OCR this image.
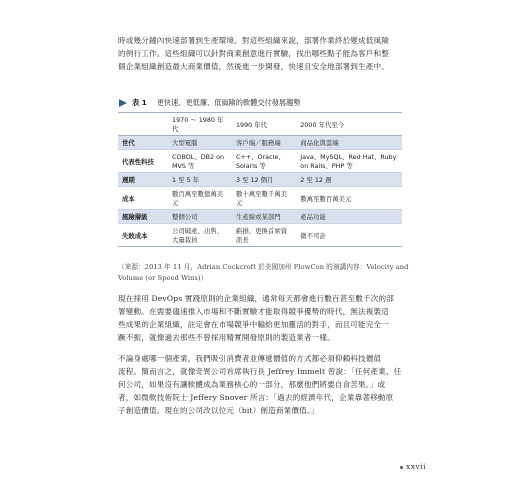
時或幾分鐘內快速部署到生產環境。對這些組織來說，部署作業終於變成低風險
的例行工作。這些組織可以針對商業創意進行實驗，找出哪些點子能為客戶和整
個企業組織創造最大商業價值，然後進一步開發，快速且安全地部署到生產中。
表 1 更快速、更低廉、低風險的軟體交付發展趨勢
	1970 ～ 1980 年代	1990 年代	2000 年代至今
世代	大型電腦	客戶端／服務端	商品化與雲端
代表性科技	COBOL、DB2 on MVS 等	C++、Oracle、Solaris 等	Java、MySQL、Red Hat、Ruby on Rails、PHP 等
週期	1 至 5 年	3 至 12 個月	2 至 12 週
成本	數百萬至數億萬美元	數十萬至數千萬美元	數萬至數百萬美元
風險層級	整個公司	生產線或某部門	產品功能
失敗成本	公司破產、出售、大量裁員	虧損、更換首席資訊長	微不可計
（來源：2013 年 11 月，Adrian Cockcroft 於美國加州 FlowCon 的演講內容：Velocity and
Volume (or Speed Wins)）
現在採用 DevOps 實踐原則的企業組織，通常每天都會進行數百甚至數千次的部
署變動。在需要儘速推入市場和不斷實驗才能取得競爭優勢的時代，無法複製這
些成果的企業組織，註定會在市場競爭中輸給更加靈活的對手，而且可能完全一
蹶不振，就像過去那些不曾採用精實開發原則的製造業者一樣。
不論身處哪一個產業，我們吸引消費者並傳遞價值的方式都必須仰賴科技價值
流程。簡而言之，就像奇異公司首席執行長 Jeffrey Immelt 曾說：「任何產業、任
何公司，如果沒有讓軟體成為業務核心的一部分，那麼他們將要自食苦果。」或
者，如微軟技術院士 Jeffery Snover 所言：「過去的經濟年代，企業靠著移動原
子創造價值。現在的公司改以位元（bit）創造商業價值。」
xxvii
